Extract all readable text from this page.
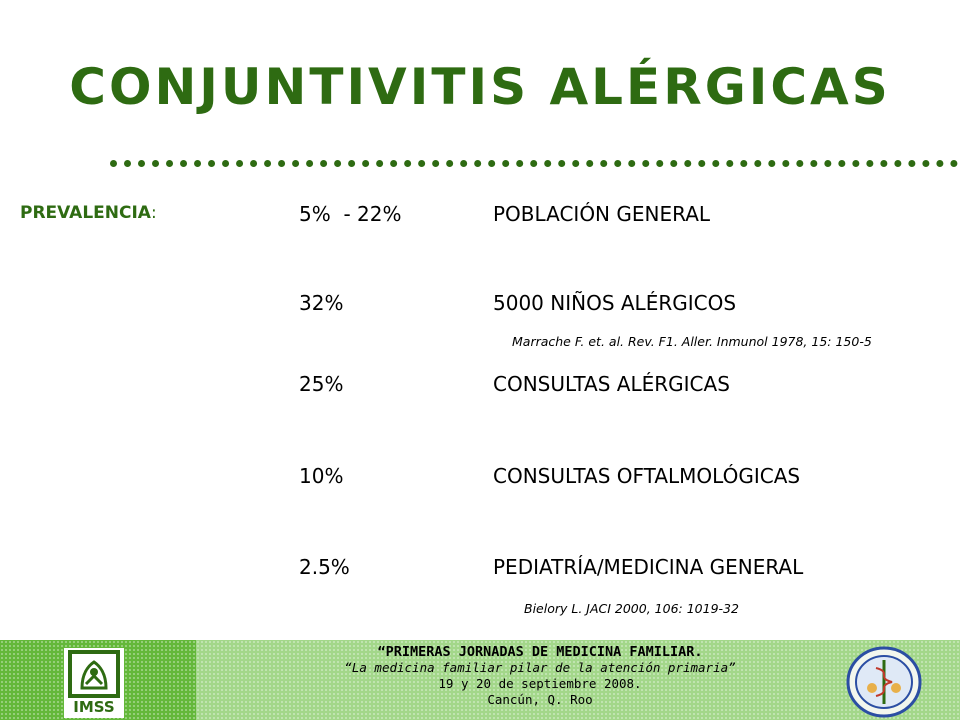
CONJUNTIVITIS ALÉRGICAS
PREVALENCIA:	5%  - 22%	POBLACIÓN GENERAL
32%	5000 NIÑOS ALÉRGICOS
Marrache F. et. al. Rev. F1. Aller. Inmunol 1978, 15: 150-5
25%	CONSULTAS ALÉRGICAS
10%	CONSULTAS OFTALMOLÓGICAS
2.5%	PEDIATRÍA/MEDICINA GENERAL
Bielory L. JACI 2000, 106: 1019-32
IMSS
“PRIMERAS JORNADAS DE MEDICINA FAMILIAR.
“La medicina familiar pilar de la atención primaria”
19 y 20 de septiembre 2008.
Cancún, Q. Roo
